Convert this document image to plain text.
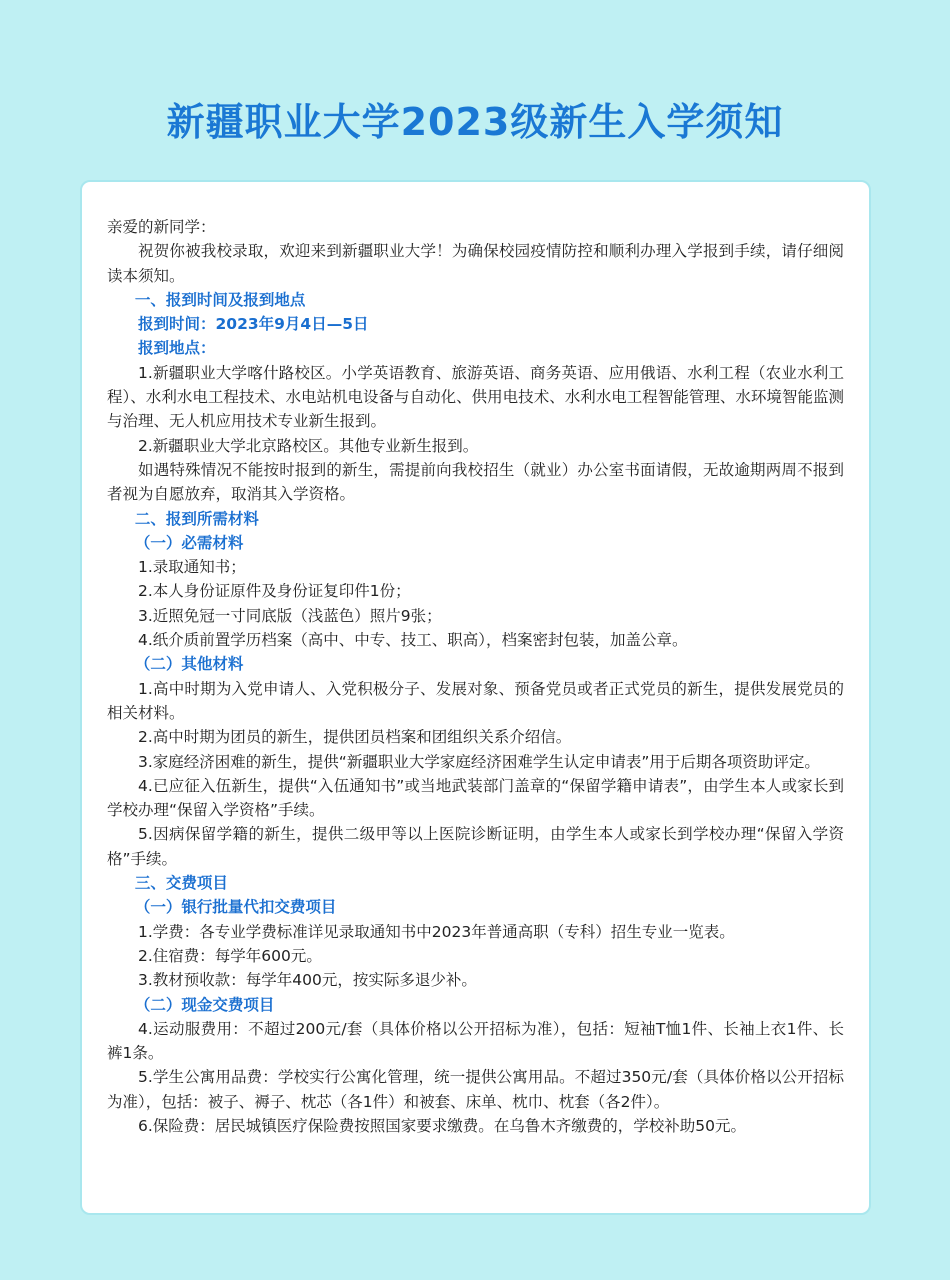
新疆职业大学2023级新生入学须知

亲爱的新同学：

祝贺你被我校录取，欢迎来到新疆职业大学！为确保校园疫情防控和顺利办理入学报到手续，请仔细阅读本须知。

一、报到时间及报到地点

报到时间：2023年9月4日—5日

报到地点：

1.新疆职业大学喀什路校区。小学英语教育、旅游英语、商务英语、应用俄语、水利工程（农业水利工程）、水利水电工程技术、水电站机电设备与自动化、供用电技术、水利水电工程智能管理、水环境智能监测与治理、无人机应用技术专业新生报到。

2.新疆职业大学北京路校区。其他专业新生报到。

如遇特殊情况不能按时报到的新生，需提前向我校招生（就业）办公室书面请假，无故逾期两周不报到者视为自愿放弃，取消其入学资格。

二、报到所需材料

（一）必需材料

1.录取通知书；

2.本人身份证原件及身份证复印件1份；

3.近照免冠一寸同底版（浅蓝色）照片9张；

4.纸介质前置学历档案（高中、中专、技工、职高），档案密封包装，加盖公章。

（二）其他材料

1.高中时期为入党申请人、入党积极分子、发展对象、预备党员或者正式党员的新生，提供发展党员的相关材料。

2.高中时期为团员的新生，提供团员档案和团组织关系介绍信。

3.家庭经济困难的新生，提供“新疆职业大学家庭经济困难学生认定申请表”用于后期各项资助评定。

4.已应征入伍新生，提供“入伍通知书”或当地武装部门盖章的“保留学籍申请表”，由学生本人或家长到学校办理“保留入学资格”手续。

5.因病保留学籍的新生，提供二级甲等以上医院诊断证明，由学生本人或家长到学校办理“保留入学资格”手续。

三、交费项目

（一）银行批量代扣交费项目

1.学费：各专业学费标准详见录取通知书中2023年普通高职（专科）招生专业一览表。

2.住宿费：每学年600元。

3.教材预收款：每学年400元，按实际多退少补。

（二）现金交费项目

4.运动服费用：不超过200元/套（具体价格以公开招标为准），包括：短袖T恤1件、长袖上衣1件、长裤1条。

5.学生公寓用品费：学校实行公寓化管理，统一提供公寓用品。不超过350元/套（具体价格以公开招标为准），包括：被子、褥子、枕芯（各1件）和被套、床单、枕巾、枕套（各2件）。

6.保险费：居民城镇医疗保险费按照国家要求缴费。在乌鲁木齐缴费的，学校补助50元。
